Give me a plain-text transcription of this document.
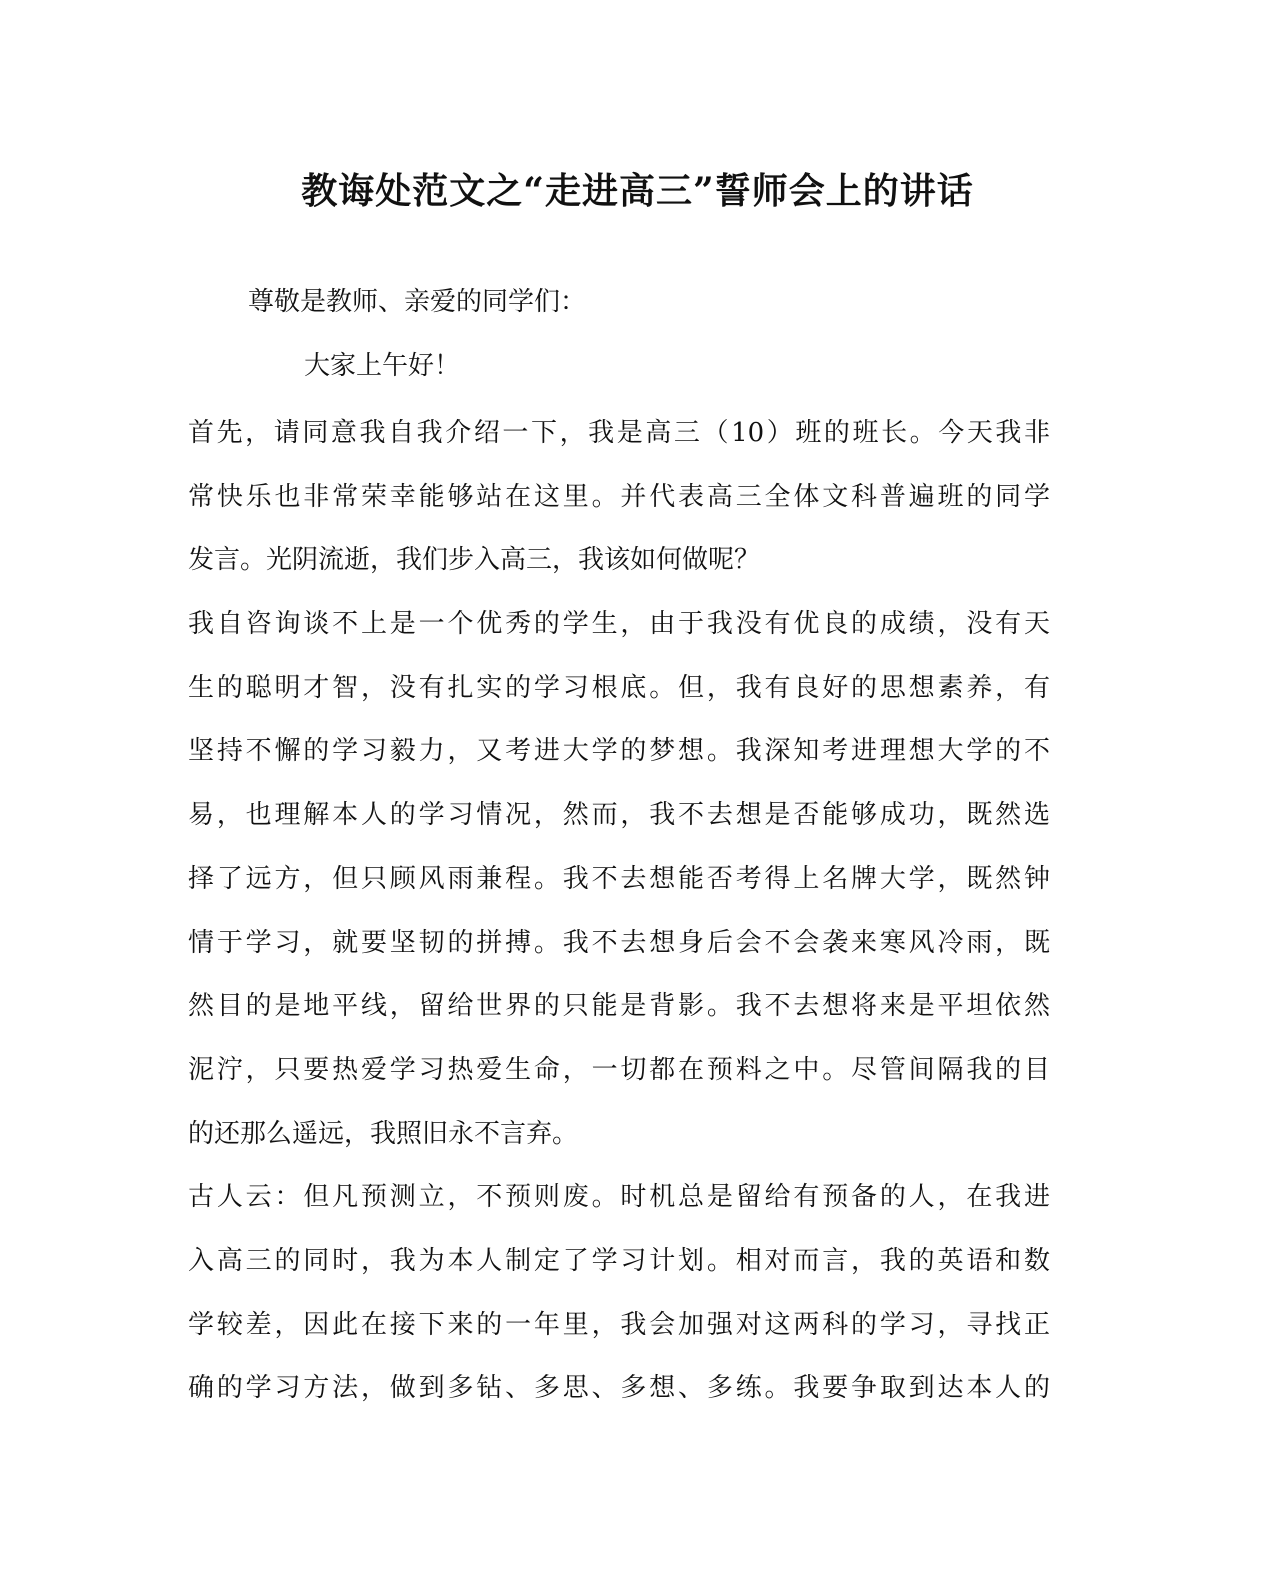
教诲处范文之“走进高三”誓师会上的讲话

尊敬是教师、亲爱的同学们：

大家上午好！

首先，请同意我自我介绍一下，我是高三（10）班的班长。今天我非
常快乐也非常荣幸能够站在这里。并代表高三全体文科普遍班的同学
发言。光阴流逝，我们步入高三，我该如何做呢？
我自咨询谈不上是一个优秀的学生，由于我没有优良的成绩，没有天
生的聪明才智，没有扎实的学习根底。但，我有良好的思想素养，有
坚持不懈的学习毅力，又考进大学的梦想。我深知考进理想大学的不
易，也理解本人的学习情况，然而，我不去想是否能够成功，既然选
择了远方，但只顾风雨兼程。我不去想能否考得上名牌大学，既然钟
情于学习，就要坚韧的拼搏。我不去想身后会不会袭来寒风冷雨，既
然目的是地平线，留给世界的只能是背影。我不去想将来是平坦依然
泥泞，只要热爱学习热爱生命，一切都在预料之中。尽管间隔我的目
的还那么遥远，我照旧永不言弃。
古人云：但凡预测立，不预则废。时机总是留给有预备的人，在我进
入高三的同时，我为本人制定了学习计划。相对而言，我的英语和数
学较差，因此在接下来的一年里，我会加强对这两科的学习，寻找正
确的学习方法，做到多钻、多思、多想、多练。我要争取到达本人的
